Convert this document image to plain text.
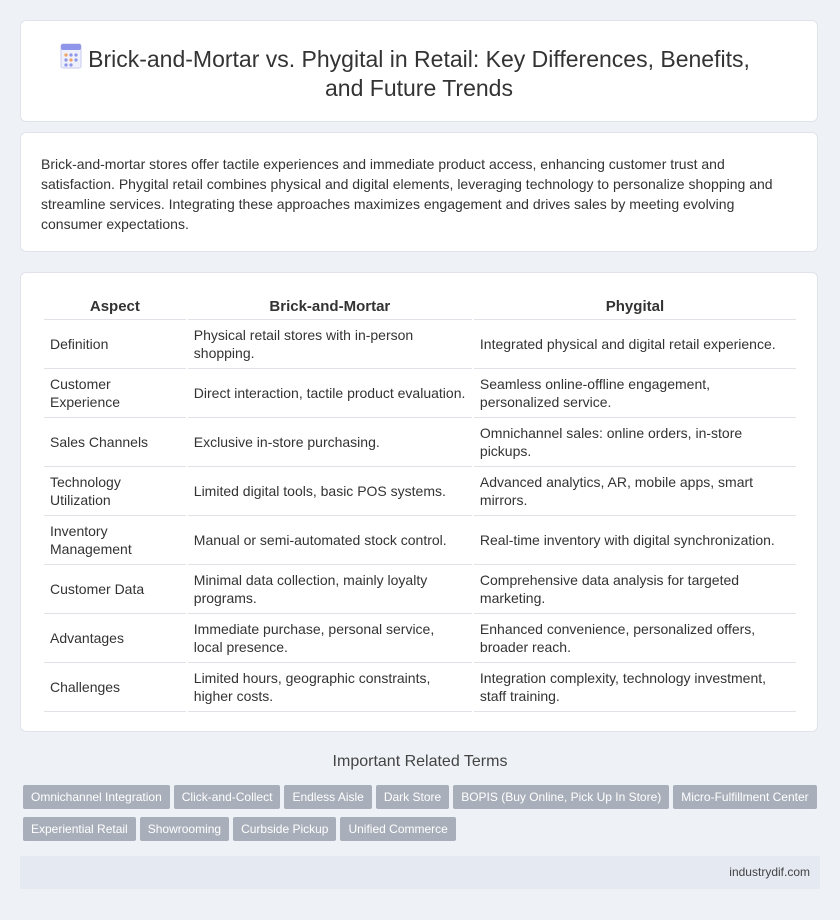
Brick-and-Mortar vs. Phygital in Retail: Key Differences, Benefits,
and Future Trends
Brick-and-mortar stores offer tactile experiences and immediate product access, enhancing customer trust and satisfaction. Phygital retail combines physical and digital elements, leveraging technology to personalize shopping and streamline services. Integrating these approaches maximizes engagement and drives sales by meeting evolving consumer expectations.
Aspect	Brick-and-Mortar	Phygital
Definition	Physical retail stores with in-person shopping.	Integrated physical and digital retail experience.
Customer Experience	Direct interaction, tactile product evaluation.	Seamless online-offline engagement, personalized service.
Sales Channels	Exclusive in-store purchasing.	Omnichannel sales: online orders, in-store pickups.
Technology Utilization	Limited digital tools, basic POS systems.	Advanced analytics, AR, mobile apps, smart mirrors.
Inventory Management	Manual or semi-automated stock control.	Real-time inventory with digital synchronization.
Customer Data	Minimal data collection, mainly loyalty programs.	Comprehensive data analysis for targeted marketing.
Advantages	Immediate purchase, personal service, local presence.	Enhanced convenience, personalized offers, broader reach.
Challenges	Limited hours, geographic constraints, higher costs.	Integration complexity, technology investment, staff training.
Important Related Terms
Omnichannel Integration Click-and-Collect Endless Aisle Dark Store BOPIS (Buy Online, Pick Up In Store) Micro-Fulfillment Center
Experiential Retail Showrooming Curbside Pickup Unified Commerce
industrydif.com
